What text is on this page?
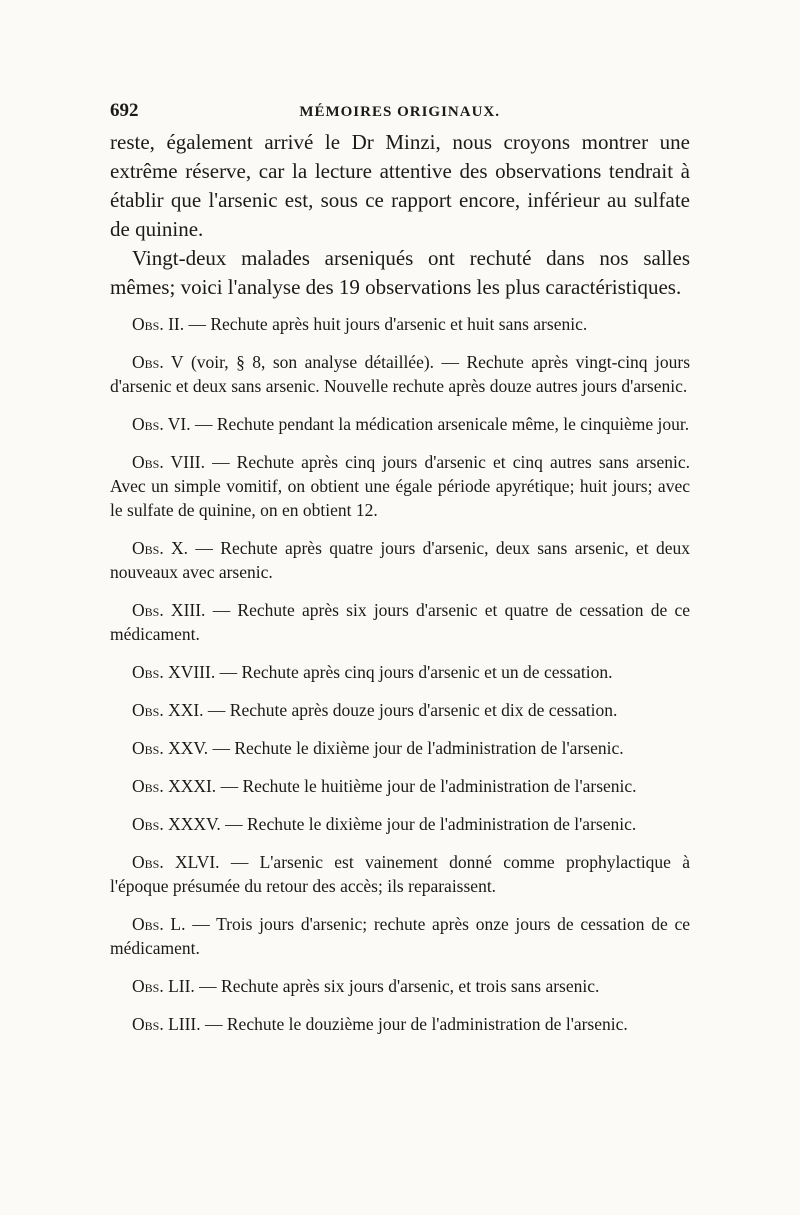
692	MÉMOIRES ORIGINAUX.

reste, également arrivé le Dr Minzi, nous croyons montrer une extrême réserve, car la lecture attentive des observations tendrait à établir que l'arsenic est, sous ce rapport encore, inférieur au sulfate de quinine.

Vingt-deux malades arseniqués ont rechuté dans nos salles mêmes; voici l'analyse des 19 observations les plus caractéristiques.

Obs. II. — Rechute après huit jours d'arsenic et huit sans arsenic.

Obs. V (voir, § 8, son analyse détaillée). — Rechute après vingt-cinq jours d'arsenic et deux sans arsenic. Nouvelle rechute après douze autres jours d'arsenic.

Obs. VI. — Rechute pendant la médication arsenicale même, le cinquième jour.

Obs. VIII. — Rechute après cinq jours d'arsenic et cinq autres sans arsenic. Avec un simple vomitif, on obtient une égale période apyrétique; huit jours; avec le sulfate de quinine, on en obtient 12.

Obs. X. — Rechute après quatre jours d'arsenic, deux sans arsenic, et deux nouveaux avec arsenic.

Obs. XIII. — Rechute après six jours d'arsenic et quatre de cessation de ce médicament.

Obs. XVIII. — Rechute après cinq jours d'arsenic et un de cessation.

Obs. XXI. — Rechute après douze jours d'arsenic et dix de cessation.

Obs. XXV. — Rechute le dixième jour de l'administration de l'arsenic.

Obs. XXXI. — Rechute le huitième jour de l'administration de l'arsenic.

Obs. XXXV. — Rechute le dixième jour de l'administration de l'arsenic.

Obs. XLVI. — L'arsenic est vainement donné comme prophylactique à l'époque présumée du retour des accès; ils reparaissent.

Obs. L. — Trois jours d'arsenic; rechute après onze jours de cessation de ce médicament.

Obs. LII. — Rechute après six jours d'arsenic, et trois sans arsenic.

Obs. LIII. — Rechute le douzième jour de l'administration de l'arsenic.
